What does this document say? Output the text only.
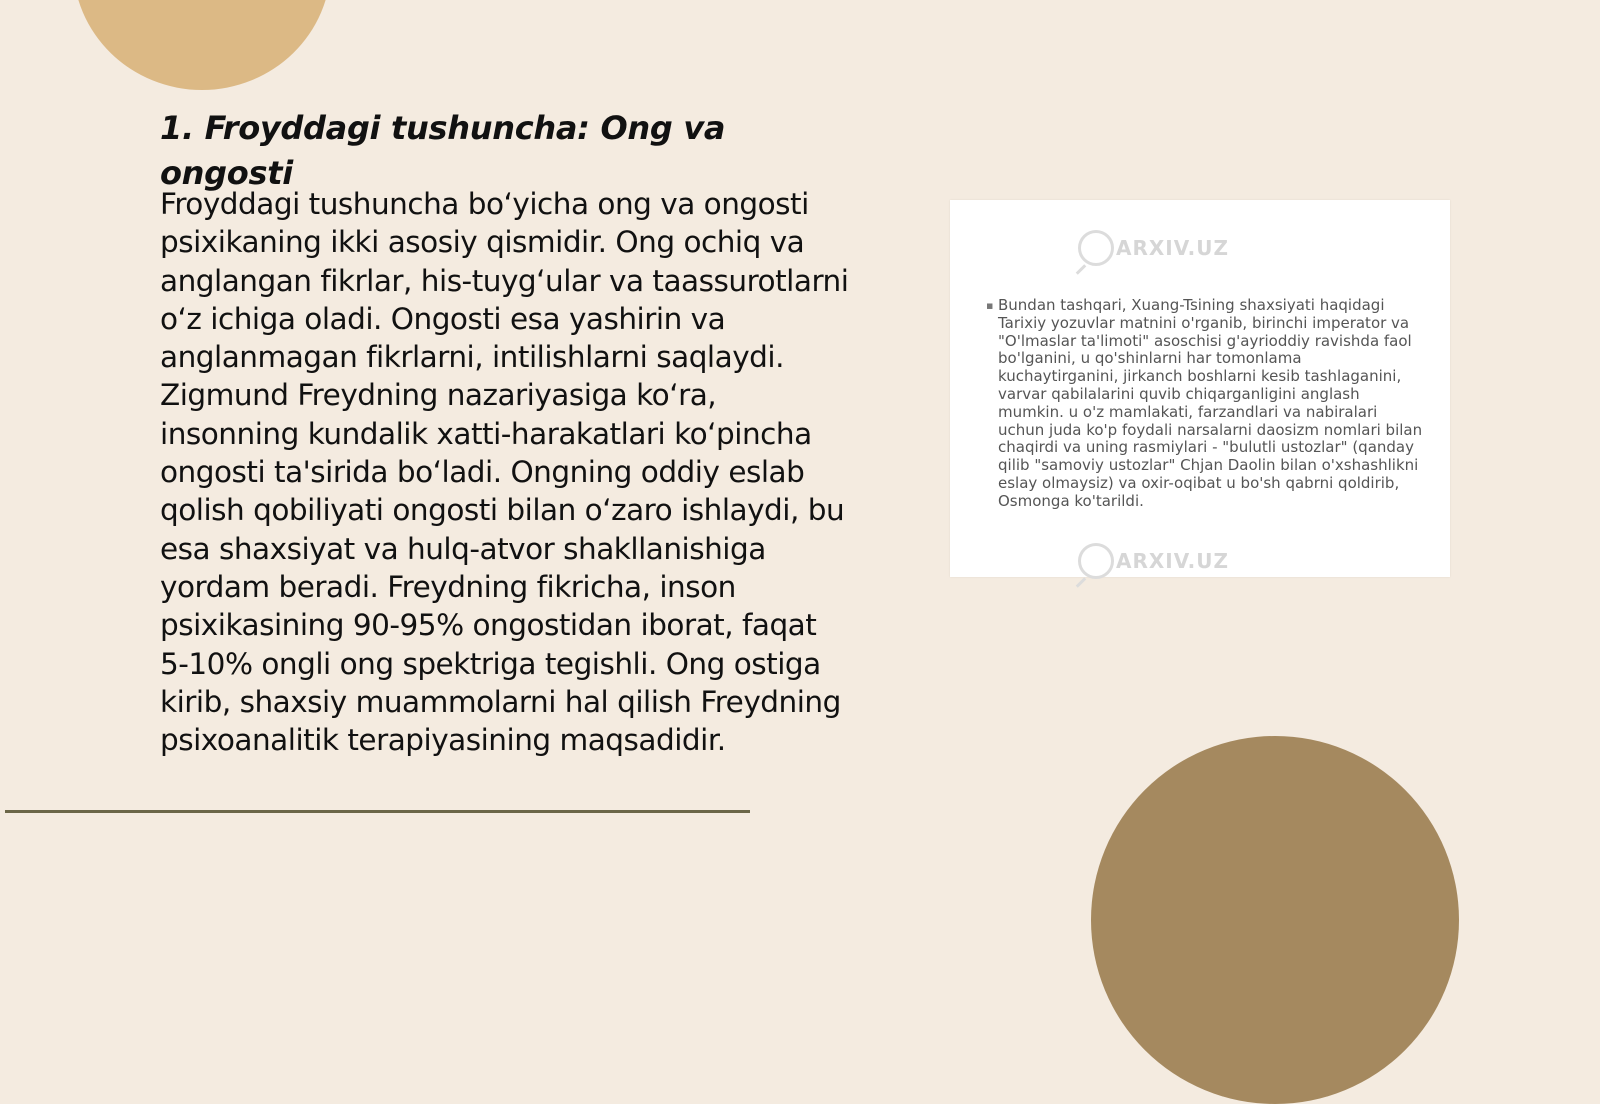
1. Froyddagi tushuncha: Ong va ongosti

Froyddagi tushuncha bo‘yicha ong va ongosti psixikaning ikki asosiy qismidir. Ong ochiq va anglangan fikrlar, his-tuyg‘ular va taassurotlarni o‘z ichiga oladi. Ongosti esa yashirin va anglanmagan fikrlarni, intilishlarni saqlaydi. Zigmund Freydning nazariyasiga ko‘ra, insonning kundalik xatti-harakatlari ko‘pincha ongosti ta'sirida bo‘ladi. Ongning oddiy eslab qolish qobiliyati ongosti bilan o‘zaro ishlaydi, bu esa shaxsiyat va hulq-atvor shakllanishiga yordam beradi. Freydning fikricha, inson psixikasining 90-95% ongostidan iborat, faqat 5-10% ongli ong spektriga tegishli. Ong ostiga kirib, shaxsiy muammolarni hal qilish Freydning psixoanalitik terapiyasining maqsadidir.

ARXIV.UZ
▪ Bundan tashqari, Xuang-Tsining shaxsiyati haqidagi Tarixiy yozuvlar matnini o'rganib, birinchi imperator va "O'lmaslar ta'limoti" asoschisi g'ayrioddiy ravishda faol bo'lganini, u qo'shinlarni har tomonlama kuchaytirganini, jirkanch boshlarni kesib tashlaganini, varvar qabilalarini quvib chiqarganligini anglash mumkin. u o'z mamlakati, farzandlari va nabiralari uchun juda ko'p foydali narsalarni daosizm nomlari bilan chaqirdi va uning rasmiylari - "bulutli ustozlar" (qanday qilib "samoviy ustozlar" Chjan Daolin bilan o'xshashlikni eslay olmaysiz) va oxir-oqibat u bo'sh qabrni qoldirib, Osmonga ko'tarildi.
ARXIV.UZ
